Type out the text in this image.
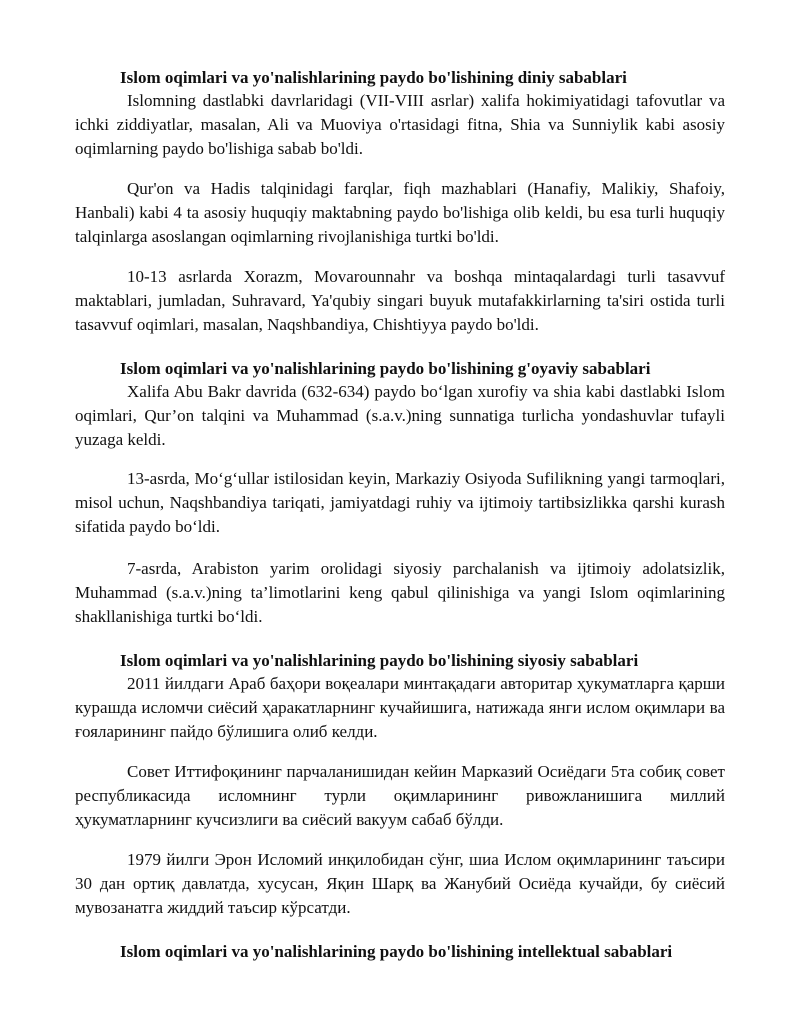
Islom oqimlari va yo'nalishlarining paydo bo'lishining diniy sabablari

Islomning dastlabki davrlaridagi (VII-VIII asrlar) xalifa hokimiyatidagi tafovutlar va ichki ziddiyatlar, masalan, Ali va Muoviya o'rtasidagi fitna, Shia va Sunniylik kabi asosiy oqimlarning paydo bo'lishiga sabab bo'ldi.

Qur'on va Hadis talqinidagi farqlar, fiqh mazhablari (Hanafiy, Malikiy, Shafoiy, Hanbali) kabi 4 ta asosiy huquqiy maktabning paydo bo'lishiga olib keldi, bu esa turli huquqiy talqinlarga asoslangan oqimlarning rivojlanishiga turtki bo'ldi.

10-13 asrlarda Xorazm, Movarounnahr va boshqa mintaqalardagi turli tasavvuf maktablari, jumladan, Suhravard, Ya'qubiy singari buyuk mutafakkirlarning ta'siri ostida turli tasavvuf oqimlari, masalan, Naqshbandiya, Chishtiyya paydo bo'ldi.

Islom oqimlari va yo'nalishlarining paydo bo'lishining g'oyaviy sabablari

Xalifa Abu Bakr davrida (632-634) paydo boʻlgan xurofiy va shia kabi dastlabki Islom oqimlari, Qur’on talqini va Muhammad (s.a.v.)ning sunnatiga turlicha yondashuvlar tufayli yuzaga keldi.

13-asrda, Moʻgʻullar istilosidan keyin, Markaziy Osiyoda Sufilikning yangi tarmoqlari, misol uchun, Naqshbandiya tariqati, jamiyatdagi ruhiy va ijtimoiy tartibsizlikka qarshi kurash sifatida paydo boʻldi.

7-asrda, Arabiston yarim orolidagi siyosiy parchalanish va ijtimoiy adolatsizlik, Muhammad (s.a.v.)ning ta’limotlarini keng qabul qilinishiga va yangi Islom oqimlarining shakllanishiga turtki boʻldi.

Islom oqimlari va yo'nalishlarining paydo bo'lishining siyosiy sabablari

2011 йилдаги Араб баҳори воқеалари минтақадаги авторитар ҳукуматларга қарши курашда исломчи сиёсий ҳаракатларнинг кучайишига, натижада янги ислом оқимлари ва ғояларининг пайдо бўлишига олиб келди.

Совет Иттифоқининг парчаланишидан кейин Марказий Осиёдаги 5та собиқ совет республикасида исломнинг турли оқимларининг ривожланишига миллий ҳукуматларнинг кучсизлиги ва сиёсий вакуум сабаб бўлди.

1979 йилги Эрон Исломий инқилобидан сўнг, шиа Ислом оқимларининг таъсири 30 дан ортиқ давлатда, хусусан, Яқин Шарқ ва Жанубий Осиёда кучайди, бу сиёсий мувозанатга жиддий таъсир кўрсатди.

Islom oqimlari va yo'nalishlarining paydo bo'lishining intellektual sabablari
